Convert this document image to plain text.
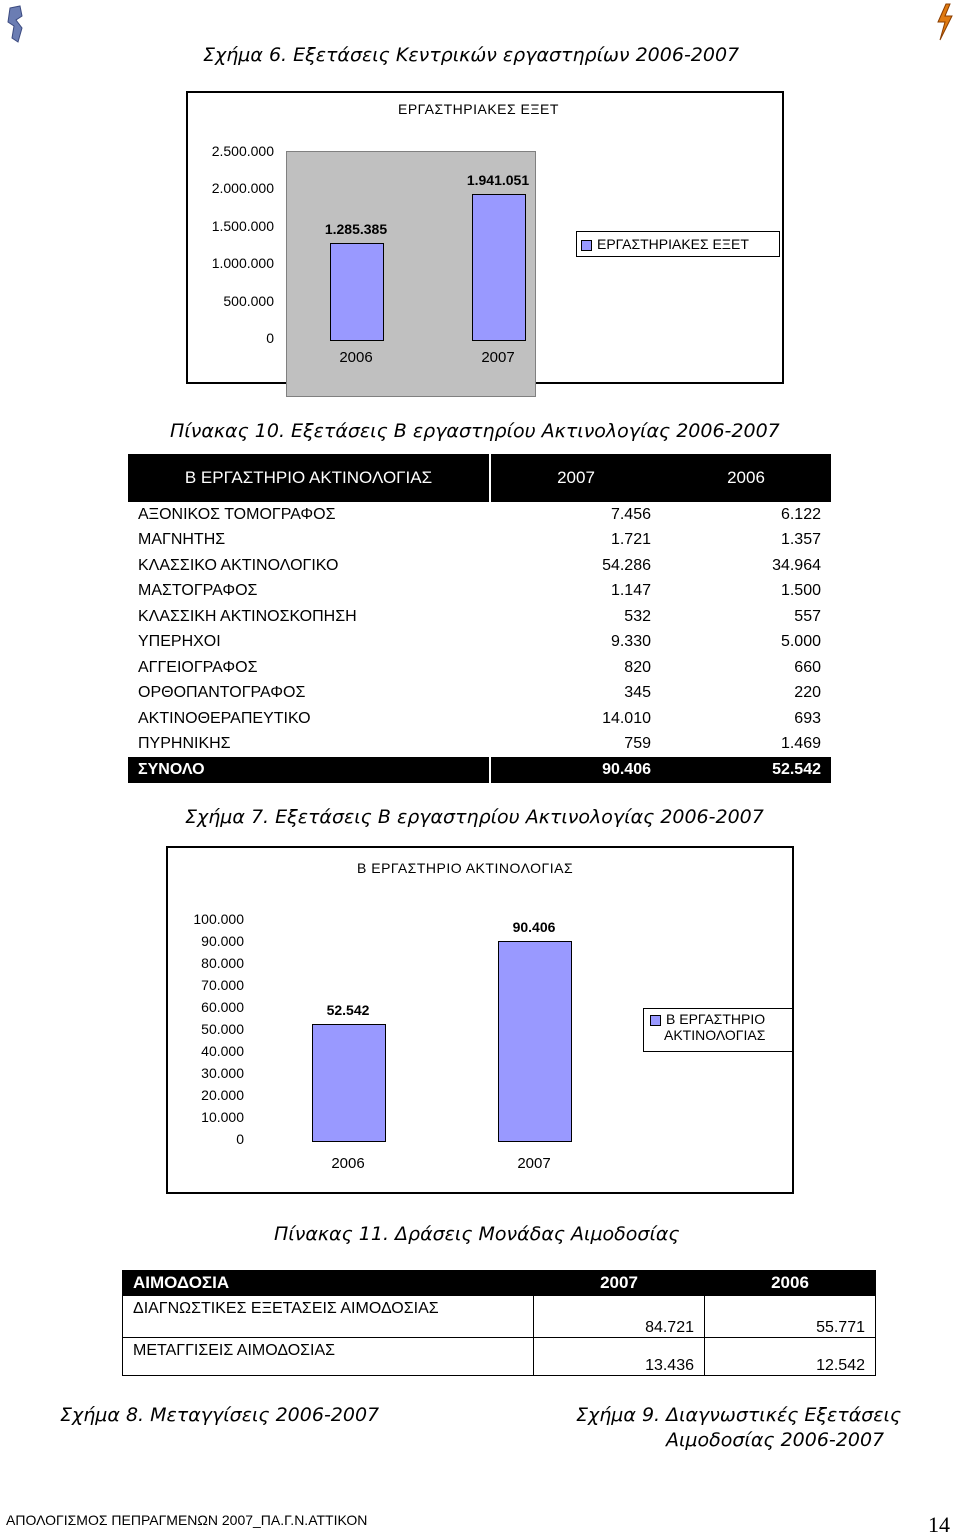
Σχήμα 6. Εξετάσεις Κεντρικών εργαστηρίων 2006-2007
ΕΡΓΑΣΤΗΡΙΑΚΕΣ ΕΞΕΤ
ΕΡΓΑΣΤΗΡΙΑΚΕΣ ΕΞΕΤ
0
500.000
1.000.000
1.500.000
2.000.000
2.500.000
1.285.385
2006
1.941.051
2007
Πίνακας 10. Εξετάσεις Β εργαστηρίου Ακτινολογίας 2006-2007
Β ΕΡΓΑΣΤΗΡΙΟ ΑΚΤΙΝΟΛΟΓΙΑΣ	2007	2006
ΑΞΟΝΙΚΟΣ ΤΟΜΟΓΡΑΦΟΣ	7.456	6.122
ΜΑΓΝΗΤΗΣ	1.721	1.357
ΚΛΑΣΣΙΚΟ ΑΚΤΙΝΟΛΟΓΙΚΟ	54.286	34.964
ΜΑΣΤΟΓΡΑΦΟΣ	1.147	1.500
ΚΛΑΣΣΙΚΗ ΑΚΤΙΝΟΣΚΟΠΗΣΗ	532	557
ΥΠΕΡΗΧΟΙ	9.330	5.000
ΑΓΓΕΙΟΓΡΑΦΟΣ	820	660
ΟΡΘΟΠΑΝΤΟΓΡΑΦΟΣ	345	220
ΑΚΤΙΝΟΘΕΡΑΠΕΥΤΙΚΟ	14.010	693
ΠΥΡΗΝΙΚΗΣ	759	1.469
ΣΥΝΟΛΟ	90.406	52.542
Σχήμα 7. Εξετάσεις Β εργαστηρίου Ακτινολογίας 2006-2007
Β ΕΡΓΑΣΤΗΡΙΟ ΑΚΤΙΝΟΛΟΓΙΑΣ
Β ΕΡΓΑΣΤΗΡΙΟ
ΑΚΤΙΝΟΛΟΓΙΑΣ
0
10.000
20.000
30.000
40.000
50.000
60.000
70.000
80.000
90.000
100.000
52.542
2006
90.406
2007
Πίνακας 11. Δράσεις Μονάδας Αιμοδοσίας
ΑΙΜΟΔΟΣΙΑ	2007	2006
ΔΙΑΓΝΩΣΤΙΚΕΣ ΕΞΕΤΑΣΕΙΣ ΑΙΜΟΔΟΣΙΑΣ	84.721	55.771
ΜΕΤΑΓΓΙΣΕΙΣ ΑΙΜΟΔΟΣΙΑΣ	13.436	12.542
Σχήμα 8. Μεταγγίσεις 2006-2007	Σχήμα 9. Διαγνωστικές Εξετάσεις
Αιμοδοσίας 2006-2007
ΑΠΟΛΟΓΙΣΜΟΣ ΠΕΠΡΑΓΜΕΝΩΝ 2007_ΠΑ.Γ.Ν.ΑΤΤΙΚΟΝ	14
